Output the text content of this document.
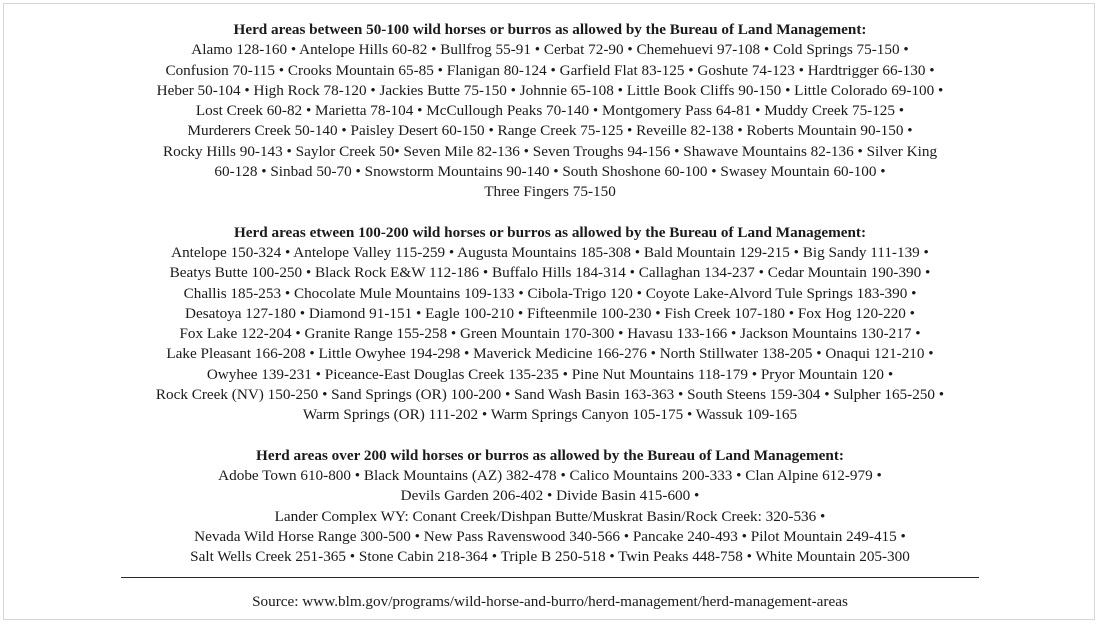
Herd areas between 50-100 wild horses or burros as allowed by the Bureau of Land Management:
Alamo 128-160 • Antelope Hills 60-82 • Bullfrog 55-91 • Cerbat 72-90 • Chemehuevi 97-108 • Cold Springs 75-150 •
Confusion 70-115 • Crooks Mountain 65-85 • Flanigan 80-124 • Garfield Flat 83-125 • Goshute 74-123 • Hardtrigger 66-130 •
Heber 50-104 • High Rock 78-120 • Jackies Butte 75-150 • Johnnie 65-108 • Little Book Cliffs 90-150 • Little Colorado 69-100 •
Lost Creek 60-82 • Marietta 78-104 • McCullough Peaks 70-140 • Montgomery Pass 64-81 • Muddy Creek 75-125 •
Murderers Creek 50-140 • Paisley Desert 60-150 • Range Creek 75-125 • Reveille 82-138 • Roberts Mountain 90-150 •
Rocky Hills 90-143 • Saylor Creek 50• Seven Mile 82-136 • Seven Troughs 94-156 • Shawave Mountains 82-136 • Silver King
60-128 • Sinbad 50-70 • Snowstorm Mountains 90-140 • South Shoshone 60-100 • Swasey Mountain 60-100 •
Three Fingers 75-150
Herd areas etween 100-200 wild horses or burros as allowed by the Bureau of Land Management:
Antelope 150-324 • Antelope Valley 115-259 • Augusta Mountains 185-308 • Bald Mountain 129-215 • Big Sandy 111-139 •
Beatys Butte 100-250 • Black Rock E&W 112-186 • Buffalo Hills 184-314 • Callaghan 134-237 • Cedar Mountain 190-390 •
Challis 185-253 • Chocolate Mule Mountains 109-133 • Cibola-Trigo 120 • Coyote Lake-Alvord Tule Springs 183-390 •
Desatoya 127-180 • Diamond 91-151 • Eagle 100-210 • Fifteenmile 100-230 • Fish Creek 107-180 • Fox Hog 120-220 •
Fox Lake 122-204 • Granite Range 155-258 • Green Mountain 170-300 • Havasu 133-166 • Jackson Mountains 130-217 •
Lake Pleasant 166-208 • Little Owyhee 194-298 • Maverick Medicine 166-276 • North Stillwater 138-205 • Onaqui 121-210 •
Owyhee 139-231 • Piceance-East Douglas Creek 135-235 • Pine Nut Mountains 118-179 • Pryor Mountain 120 •
Rock Creek (NV) 150-250 • Sand Springs (OR) 100-200 • Sand Wash Basin 163-363 • South Steens 159-304 • Sulpher 165-250 •
Warm Springs (OR) 111-202 • Warm Springs Canyon 105-175 • Wassuk 109-165
Herd areas over 200 wild horses or burros as allowed by the Bureau of Land Management:
Adobe Town 610-800 • Black Mountains (AZ) 382-478 • Calico Mountains 200-333 • Clan Alpine 612-979 •
Devils Garden 206-402 • Divide Basin 415-600 •
Lander Complex WY: Conant Creek/Dishpan Butte/Muskrat Basin/Rock Creek: 320-536 •
Nevada Wild Horse Range 300-500 • New Pass Ravenswood 340-566 • Pancake 240-493 • Pilot Mountain 249-415 •
Salt Wells Creek 251-365 • Stone Cabin 218-364 • Triple B 250-518 • Twin Peaks 448-758 • White Mountain 205-300
Source: www.blm.gov/programs/wild-horse-and-burro/herd-management/herd-management-areas
